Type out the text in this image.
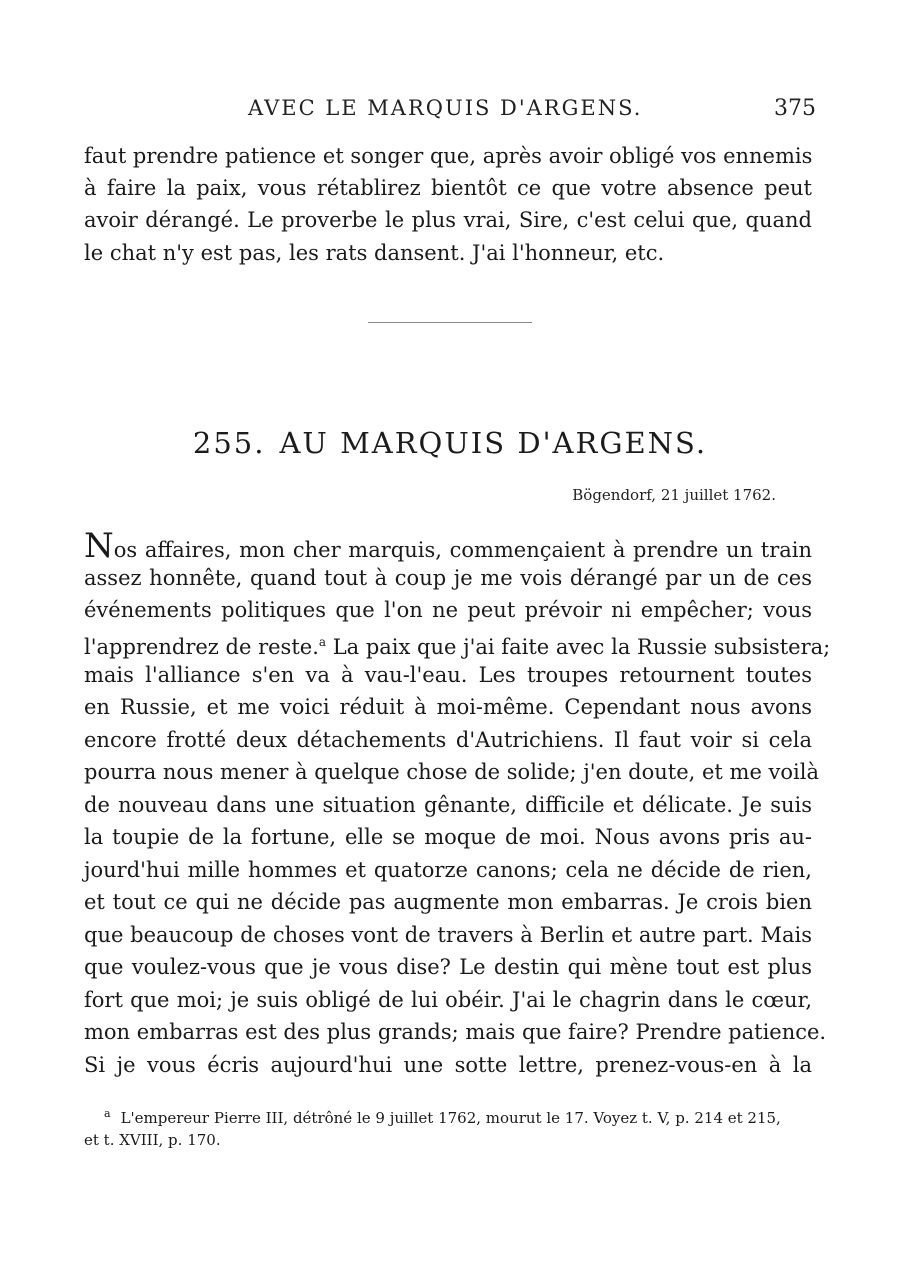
AVEC LE MARQUIS D'ARGENS.	375
faut prendre patience et songer que, après avoir obligé vos ennemis
à faire la paix, vous rétablirez bientôt ce que votre absence peut
avoir dérangé. Le proverbe le plus vrai, Sire, c'est celui que, quand
le chat n'y est pas, les rats dansent. J'ai l'honneur, etc.
255. AU MARQUIS D'ARGENS.
Bögendorf, 21 juillet 1762.
Nos affaires, mon cher marquis, commençaient à prendre un train
assez honnête, quand tout à coup je me vois dérangé par un de ces
événements politiques que l'on ne peut prévoir ni empêcher; vous
l'apprendrez de reste.$^a$ La paix que j'ai faite avec la Russie subsistera;
mais l'alliance s'en va à vau-l'eau. Les troupes retournent toutes
en Russie, et me voici réduit à moi-même. Cependant nous avons
encore frotté deux détachements d'Autrichiens. Il faut voir si cela
pourra nous mener à quelque chose de solide; j'en doute, et me voilà
de nouveau dans une situation gênante, difficile et délicate. Je suis
la toupie de la fortune, elle se moque de moi. Nous avons pris au-
jourd'hui mille hommes et quatorze canons; cela ne décide de rien,
et tout ce qui ne décide pas augmente mon embarras. Je crois bien
que beaucoup de choses vont de travers à Berlin et autre part. Mais
que voulez-vous que je vous dise? Le destin qui mène tout est plus
fort que moi; je suis obligé de lui obéir. J'ai le chagrin dans le cœur,
mon embarras est des plus grands; mais que faire? Prendre patience.
Si je vous écris aujourd'hui une sotte lettre, prenez-vous-en à la
$^a$ L'empereur Pierre III, détrôné le 9 juillet 1762, mourut le 17. Voyez t. V, p. 214 et 215,
et t. XVIII, p. 170.
